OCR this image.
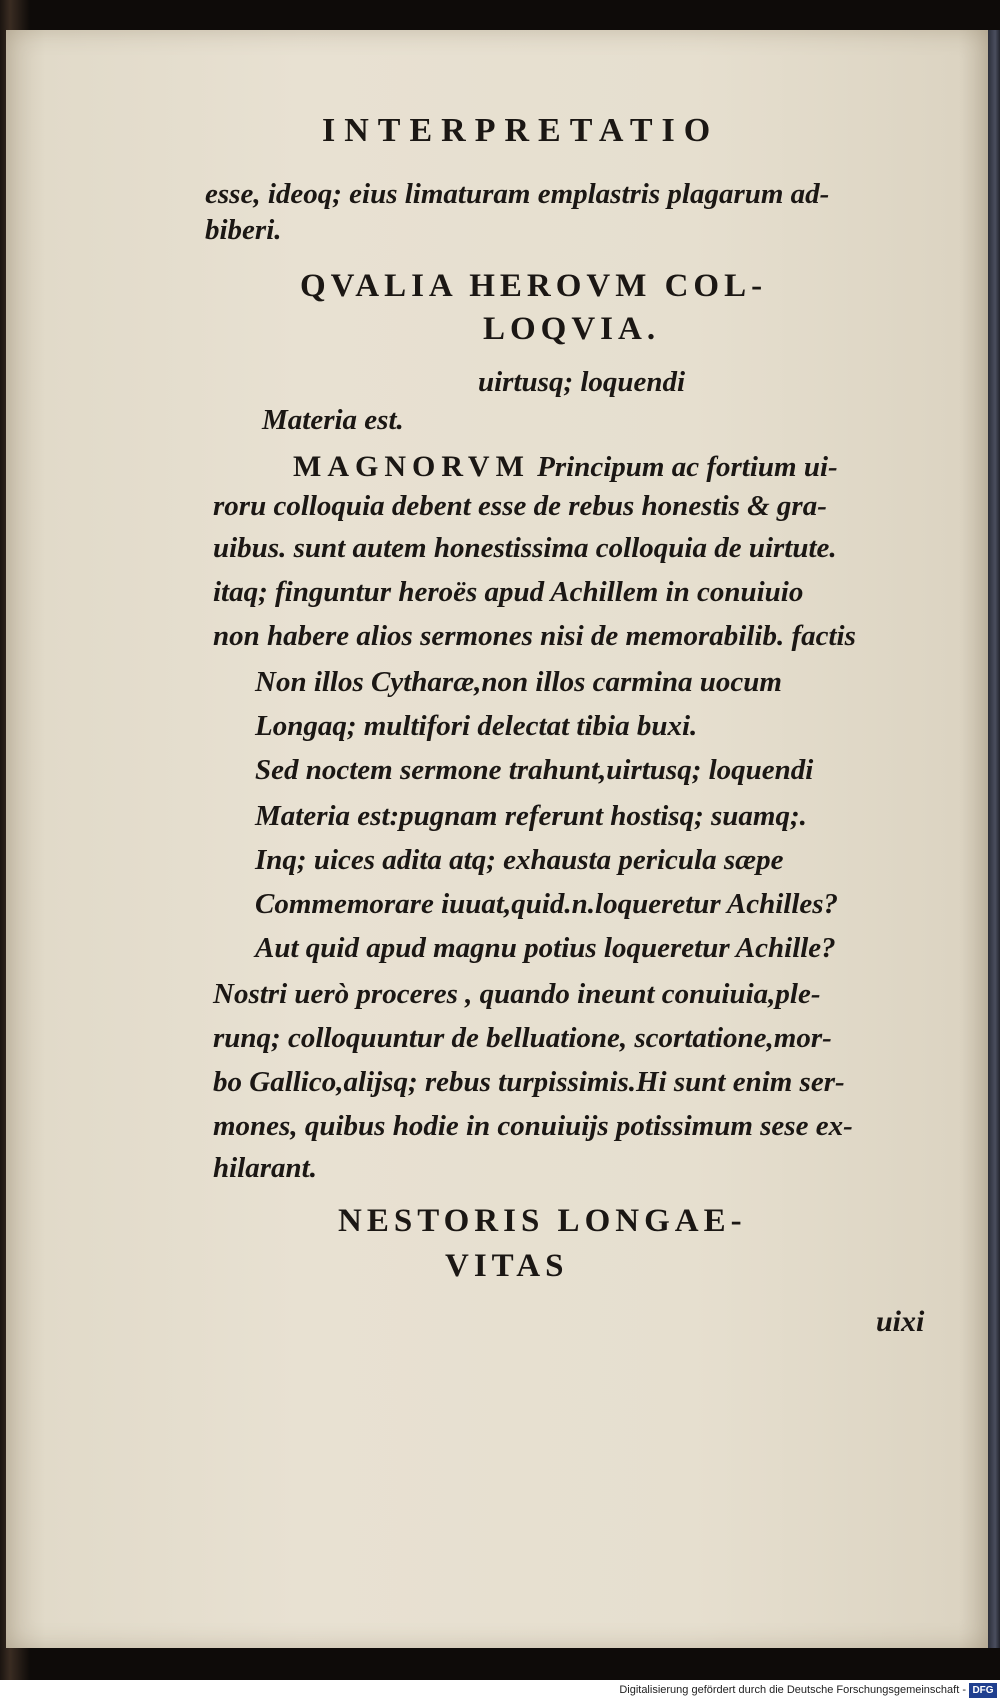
INTERPRETATIO
QVALIA HEROVM COL-
LOQVIA.
esse, ideoq; eius limaturam emplastris plagarum ad-
biberi.
uirtusq; loquendi
Materia est.
MAGNORVM Principum ac fortium ui-
roru colloquia debent esse de rebus honestis & gra-
uibus. sunt autem honestissima colloquia de uirtute.
itaq; finguntur heroës apud Achillem in conuiuio
non habere alios sermones nisi de memorabilib. factis
Non illos Cytharæ,non illos carmina uocum
Longaq; multifori delectat tibia buxi.
Sed noctem sermone trahunt,uirtusq; loquendi
Materia est:pugnam referunt hostisq; suamq;.
Inq; uices adita atq; exhausta pericula sæpe
Commemorare iuuat,quid.n.loqueretur Achilles?
Aut quid apud magnu potius loqueretur Achille?
Nostri uerò proceres , quando ineunt conuiuia,ple-
runq; colloquuntur de belluatione, scortatione,mor-
bo Gallico,alijsq; rebus turpissimis.Hi sunt enim ser-
mones, quibus hodie in conuiuijs potissimum sese ex-
hilarant.
NESTORIS LONGAE-
VITAS
uixi
Digitalisierung gefördert durch die Deutsche Forschungsgemeinschaft - DFG
